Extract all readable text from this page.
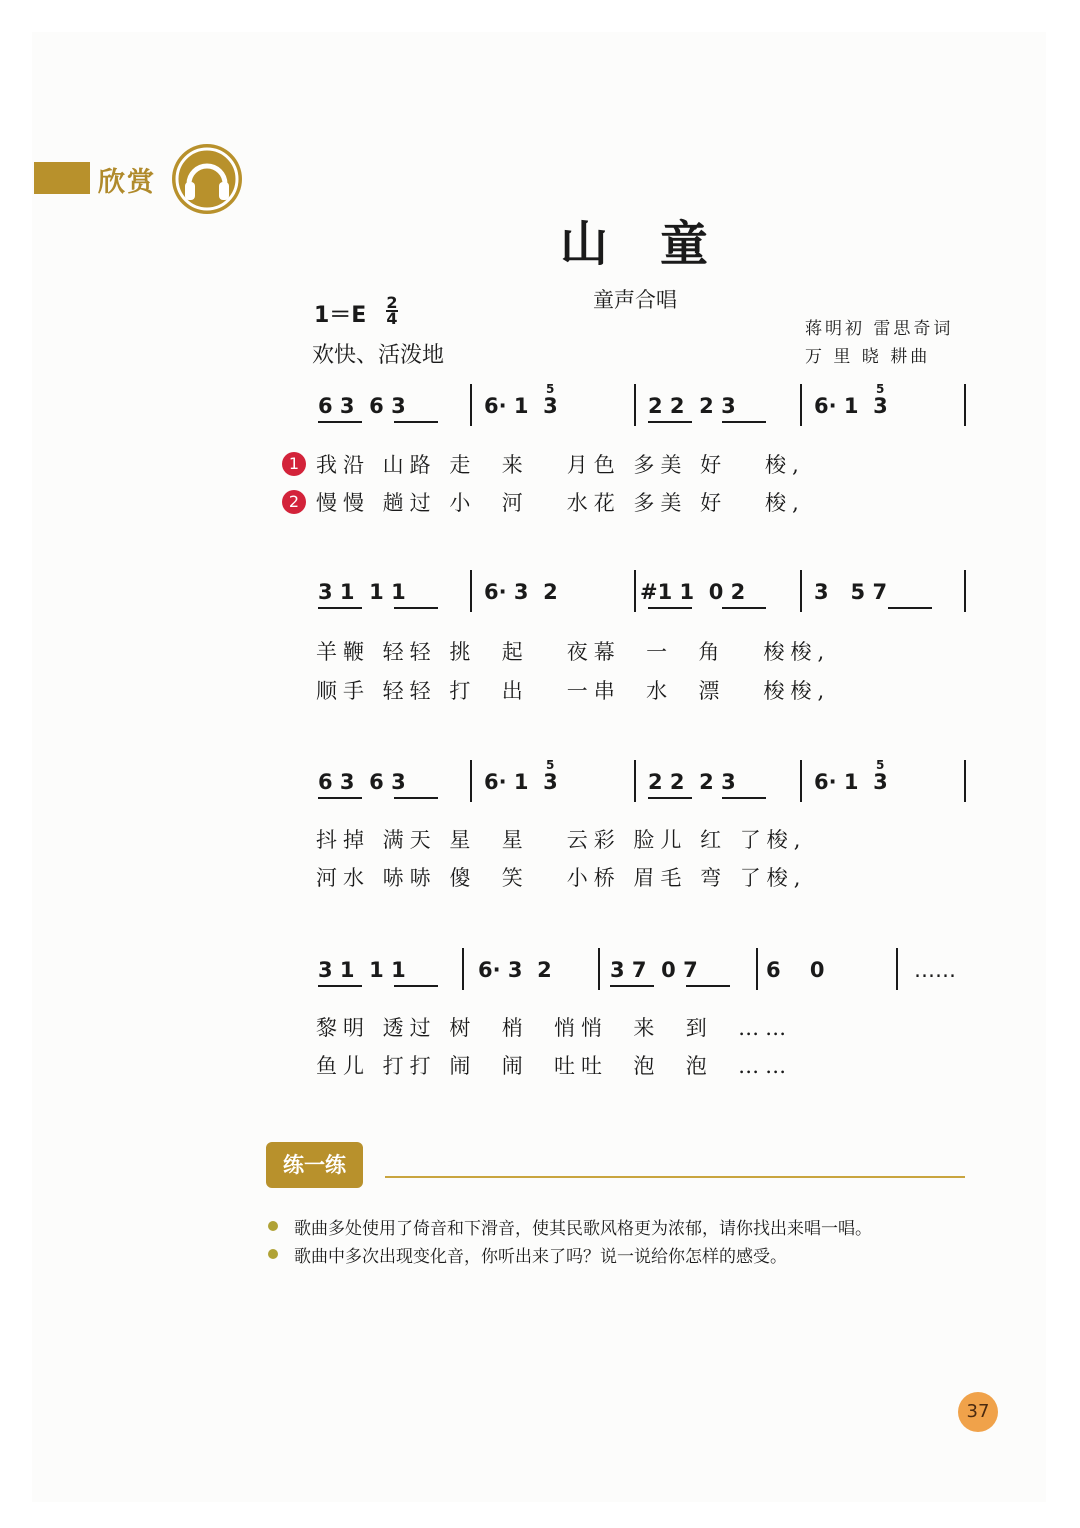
欣赏
山童
童声合唱
1＝E
2
4
欢快、活泼地
蒋明初 雷思奇词
万 里 晓 耕曲
6 3  6 3	6· 1  3
5
2 2  2 3	6· 1  3
5
1
2
我沿 山路 走  来   月色 多美 好   梭,
慢慢 趟过 小  河   水花 多美 好   梭,
3 1  1 1	6· 3  2	#1 1  0 2	3   5 7
羊鞭 轻轻 挑  起   夜幕  一  角   梭梭,
顺手 轻轻 打  出   一串  水  漂   梭梭,
6 3  6 3	6· 1  3
5
2 2  2 3	6· 1  3
5
抖掉 满天 星  星   云彩 脸儿 红 了梭,
河水 哧哧 傻  笑   小桥 眉毛 弯 了梭,
3 1  1 1	6· 3  2	3 7  0 7	6    0	……
黎明 透过 树  梢  悄悄  来  到  ……
鱼儿 打打 闹  闹  吐吐  泡  泡  ……
练一练
歌曲多处使用了倚音和下滑音，使其民歌风格更为浓郁，请你找出来唱一唱。
歌曲中多次出现变化音，你听出来了吗？说一说给你怎样的感受。
37
